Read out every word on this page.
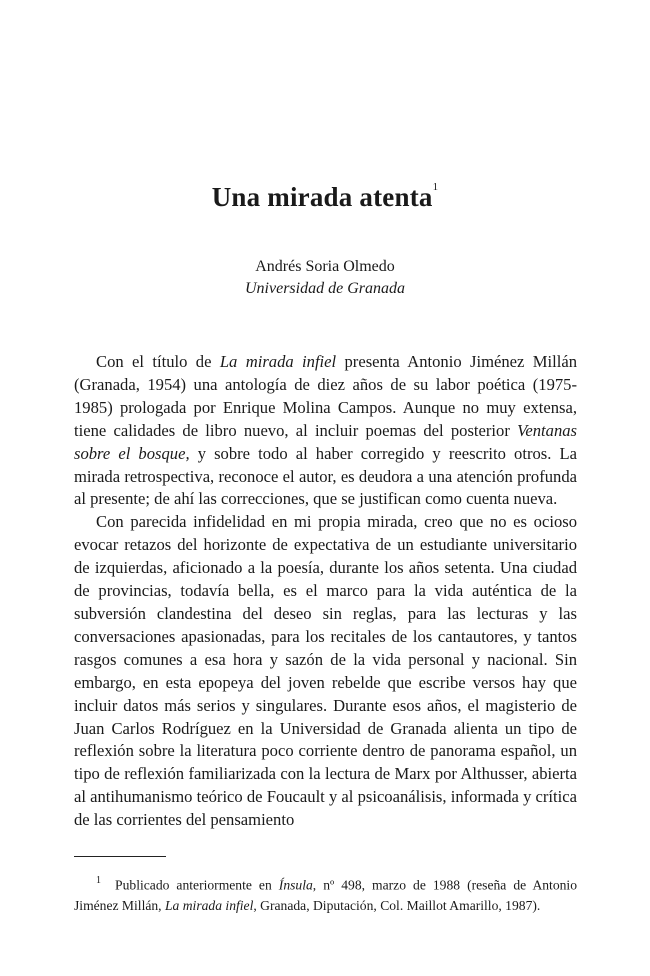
Una mirada atenta$^1$
Andrés Soria Olmedo
Universidad de Granada

Con el título de La mirada infiel presenta Antonio Jiménez Millán (Granada, 1954) una antología de diez años de su labor poética (1975-1985) prologada por Enrique Molina Campos. Aunque no muy extensa, tiene calidades de libro nuevo, al incluir poemas del posterior Ventanas sobre el bosque, y sobre todo al haber corregido y reescrito otros. La mirada retrospectiva, reconoce el autor, es deudora a una atención profunda al presente; de ahí las correcciones, que se justifican como cuenta nueva.

Con parecida infidelidad en mi propia mirada, creo que no es ocioso evocar retazos del horizonte de expectativa de un estudiante universitario de izquierdas, aficionado a la poesía, durante los años setenta. Una ciudad de provincias, todavía bella, es el marco para la vida auténtica de la subversión clandestina del deseo sin reglas, para las lecturas y las conversaciones apasionadas, para los recitales de los cantautores, y tantos rasgos comunes a esa hora y sazón de la vida personal y nacional. Sin embargo, en esta epopeya del joven rebelde que escribe versos hay que incluir datos más serios y singulares. Durante esos años, el magisterio de Juan Carlos Rodríguez en la Universidad de Granada alienta un tipo de reflexión sobre la literatura poco corriente dentro de panorama español, un tipo de reflexión familiarizada con la lectura de Marx por Althusser, abierta al antihumanismo teórico de Foucault y al psicoanálisis, informada y crítica de las corrientes del pensamiento

$^1$ Publicado anteriormente en Ínsula, nº 498, marzo de 1988 (reseña de Antonio Jiménez Millán, La mirada infiel, Granada, Diputación, Col. Maillot Amarillo, 1987).
